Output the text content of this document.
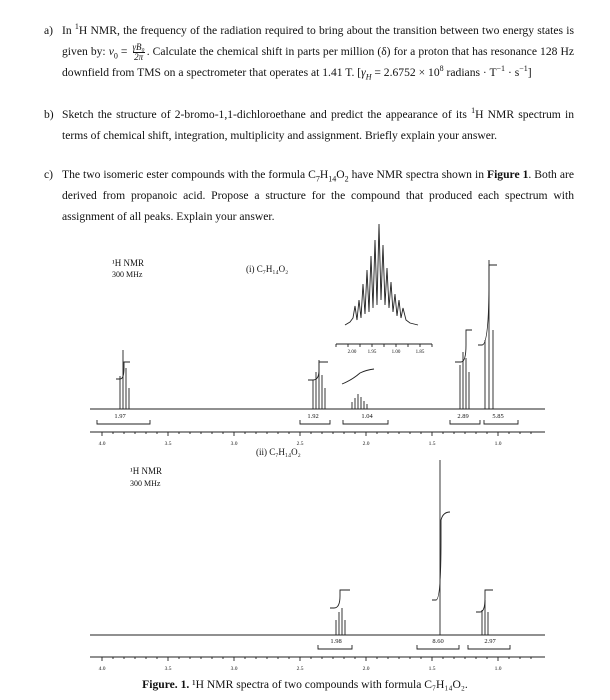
a) In $^1$H NMR, the frequency of the radiation required to bring about the transition between two energy states is given by: $v_0 = \frac{\text{γB₀}}{2\pi}$ . Calculate the chemical shift in parts per million (δ) for a proton that has resonance 128 Hz downfield from TMS on a spectrometer that operates at 1.41 T. [$\gamma_H = 2.6752 \times 10^8$ radians · $T^{-1} \cdot s^{-1}$]

b) Sketch the structure of 2-bromo-1,1-dichloroethane and predict the appearance of its $^1$H NMR spectrum in terms of chemical shift, integration, multiplicity and assignment. Briefly explain your answer.

c) The two isomeric ester compounds with the formula $C_7H_{14}O_2$ have NMR spectra shown in Figure 1. Both are derived from propanoic acid. Propose a structure for the compound that produced each spectrum with assignment of all peaks. Explain your answer.

¹H NMR
300 MHz
(i) C₇H₁₄O₂
1.97	1.92	1.04	2.89	5.85
2.00 1.95	1.00	1.85
4.0	3.5	3.0	2.5	2.0	1.5	1.0
(ii) C₇H₁₄O₂
¹H NMR
300 MHz
1.98	8.60	2.97
4.0	3.5	3.0	2.5	2.0	1.5	1.0
Figure. 1. ¹H NMR spectra of two compounds with formula C₇H₁₄O₂.
